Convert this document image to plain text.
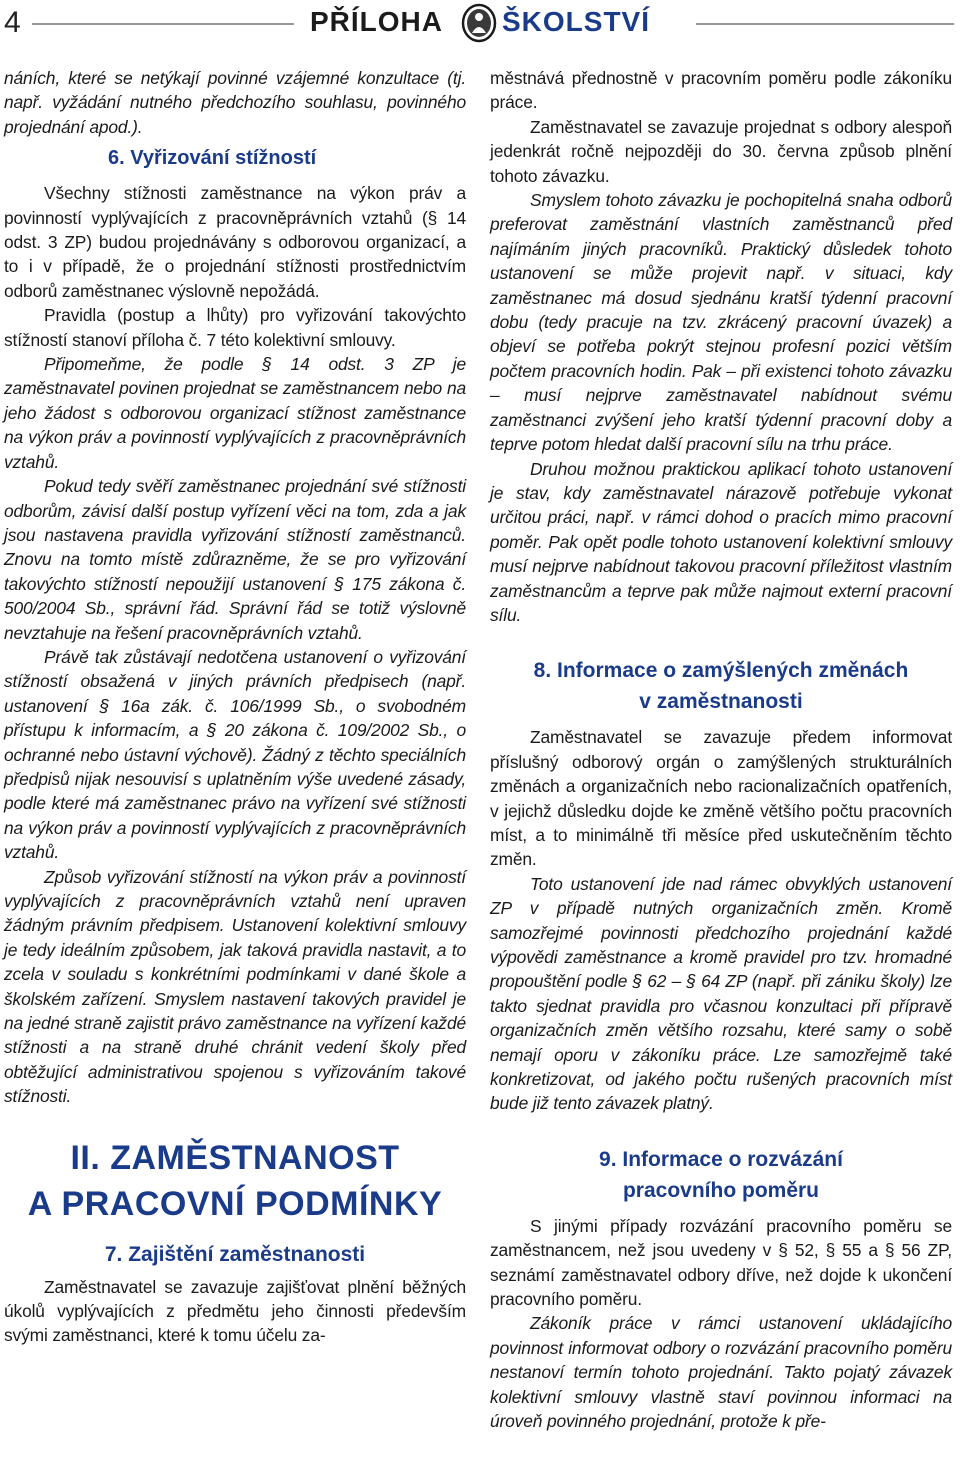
4	PŘÍLOHA ŠKOLSTVÍ

náních, které se netýkají povinné vzájemné konzultace (tj. např. vyžádání nutného předchozího souhlasu, povinného projednání apod.).

6. Vyřizování stížností

Všechny stížnosti zaměstnance na výkon práv a povinností vyplývajících z pracovněprávních vztahů (§ 14 odst. 3 ZP) budou projednávány s odborovou organizací, a to i v případě, že o projednání stížnosti prostřednictvím odborů zaměstnanec výslovně nepožádá.

Pravidla (postup a lhůty) pro vyřizování takovýchto stížností stanoví příloha č. 7 této kolektivní smlouvy.

Připomeňme, že podle § 14 odst. 3 ZP je zaměstnavatel povinen projednat se zaměstnancem nebo na jeho žádost s odborovou organizací stížnost zaměstnance na výkon práv a povinností vyplývajících z pracovněprávních vztahů.

Pokud tedy svěří zaměstnanec projednání své stížnosti odborům, závisí další postup vyřízení věci na tom, zda a jak jsou nastavena pravidla vyřizování stížností zaměstnanců. Znovu na tomto místě zdůrazněme, že se pro vyřizování takovýchto stížností nepoužijí ustanovení § 175 zákona č. 500/2004 Sb., správní řád. Správní řád se totiž výslovně nevztahuje na řešení pracovněprávních vztahů.

Právě tak zůstávají nedotčena ustanovení o vyřizování stížností obsažená v jiných právních předpisech (např. ustanovení § 16a zák. č. 106/1999 Sb., o svobodném přístupu k informacím, a § 20 zákona č. 109/2002 Sb., o ochranné nebo ústavní výchově). Žádný z těchto speciálních předpisů nijak nesouvisí s uplatněním výše uvedené zásady, podle které má zaměstnanec právo na vyřízení své stížnosti na výkon práv a povinností vyplývajících z pracovněprávních vztahů.

Způsob vyřizování stížností na výkon práv a povinností vyplývajících z pracovněprávních vztahů není upraven žádným právním předpisem. Ustanovení kolektivní smlouvy je tedy ideálním způsobem, jak taková pravidla nastavit, a to zcela v souladu s konkrétními podmínkami v dané škole a školském zařízení. Smyslem nastavení takových pravidel je na jedné straně zajistit právo zaměstnance na vyřízení každé stížnosti a na straně druhé chránit vedení školy před obtěžující administrativou spojenou s vyřizováním takové stížnosti.

II. ZAMĚSTNANOST
A PRACOVNÍ PODMÍNKY
7. Zajištění zaměstnanosti

Zaměstnavatel se zavazuje zajišťovat plnění běžných úkolů vyplývajících z předmětu jeho činnosti především svými zaměstnanci, které k tomu účelu za-

městnává přednostně v pracovním poměru podle zákoníku práce.

Zaměstnavatel se zavazuje projednat s odbory alespoň jedenkrát ročně nejpozději do 30. června způsob plnění tohoto závazku.

Smyslem tohoto závazku je pochopitelná snaha odborů preferovat zaměstnání vlastních zaměstnanců před najímáním jiných pracovníků. Praktický důsledek tohoto ustanovení se může projevit např. v situaci, kdy zaměstnanec má dosud sjednánu kratší týdenní pracovní dobu (tedy pracuje na tzv. zkrácený pracovní úvazek) a objeví se potřeba pokrýt stejnou profesní pozici větším počtem pracovních hodin. Pak – při existenci tohoto závazku – musí nejprve zaměstnavatel nabídnout svému zaměstnanci zvýšení jeho kratší týdenní pracovní doby a teprve potom hledat další pracovní sílu na trhu práce.

Druhou možnou praktickou aplikací tohoto ustanovení je stav, kdy zaměstnavatel nárazově potřebuje vykonat určitou práci, např. v rámci dohod o pracích mimo pracovní poměr. Pak opět podle tohoto ustanovení kolektivní smlouvy musí nejprve nabídnout takovou pracovní příležitost vlastním zaměstnancům a teprve pak může najmout externí pracovní sílu.

8. Informace o zamýšlených změnách
v zaměstnanosti

Zaměstnavatel se zavazuje předem informovat příslušný odborový orgán o zamýšlených strukturálních změnách a organizačních nebo racionalizačních opatřeních, v jejichž důsledku dojde ke změně většího počtu pracovních míst, a to minimálně tři měsíce před uskutečněním těchto změn.

Toto ustanovení jde nad rámec obvyklých ustanovení ZP v případě nutných organizačních změn. Kromě samozřejmé povinnosti předchozího projednání každé výpovědi zaměstnance a kromě pravidel pro tzv. hromadné propouštění podle § 62 – § 64 ZP (např. při zániku školy) lze takto sjednat pravidla pro včasnou konzultaci při přípravě organizačních změn většího rozsahu, které samy o sobě nemají oporu v zákoníku práce. Lze samozřejmě také konkretizovat, od jakého počtu rušených pracovních míst bude již tento závazek platný.

9. Informace o rozvázání
pracovního poměru

S jinými případy rozvázání pracovního poměru se zaměstnancem, než jsou uvedeny v § 52, § 55 a § 56 ZP, seznámí zaměstnavatel odbory dříve, než dojde k ukončení pracovního poměru.

Zákoník práce v rámci ustanovení ukládajícího povinnost informovat odbory o rozvázání pracovního poměru nestanoví termín tohoto projednání. Takto pojatý závazek kolektivní smlouvy vlastně staví povinnou informaci na úroveň povinného projednání, protože k pře-
